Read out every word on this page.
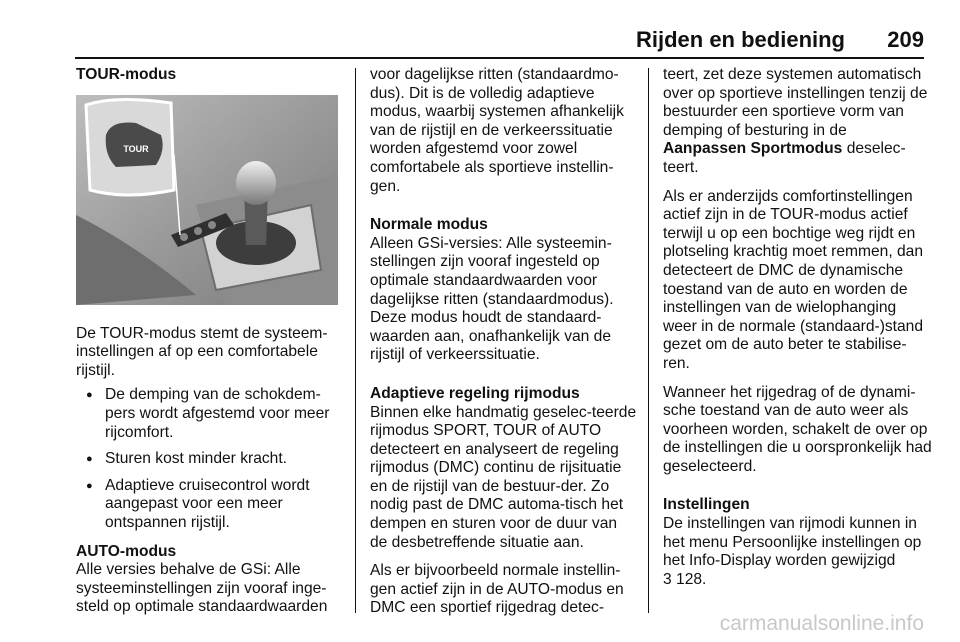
Rijden en bediening 209

TOUR-modus

TOUR

De TOUR-modus stemt de systeem-instellingen af op een comfortabele rijstijl.

● De demping van de schokdem-pers wordt afgestemd voor meer rijcomfort.
● Sturen kost minder kracht.
● Adaptieve cruisecontrol wordt aangepast voor een meer ontspannen rijstijl.

AUTO-modus

Alle versies behalve de GSi: Alle systeeminstellingen zijn vooraf inge-steld op optimale standaardwaarden

voor dagelijkse ritten (standaardmo-dus). Dit is de volledig adaptieve modus, waarbij systemen afhankelijk van de rijstijl en de verkeerssituatie worden afgestemd voor zowel comfortabele als sportieve instellin-gen.

Normale modus

Alleen GSi-versies: Alle systeemin-stellingen zijn vooraf ingesteld op optimale standaardwaarden voor dagelijkse ritten (standaardmodus). Deze modus houdt de standaard-waarden aan, onafhankelijk van de rijstijl of verkeerssituatie.

Adaptieve regeling rijmodus

Binnen elke handmatig geselec-teerde rijmodus SPORT, TOUR of AUTO detecteert en analyseert de regeling rijmodus (DMC) continu de rijsituatie en de rijstijl van de bestuur-der. Zo nodig past de DMC automa-tisch het dempen en sturen voor de duur van de desbetreffende situatie aan.

Als er bijvoorbeeld normale instellin-gen actief zijn in de AUTO-modus en DMC een sportief rijgedrag detec-

teert, zet deze systemen automatisch over op sportieve instellingen tenzij de bestuurder een sportieve vorm van demping of besturing in de
Aanpassen Sportmodus deselec-teert.

Als er anderzijds comfortinstellingen actief zijn in de TOUR-modus actief terwijl u op een bochtige weg rijdt en plotseling krachtig moet remmen, dan detecteert de DMC de dynamische toestand van de auto en worden de instellingen van de wielophanging weer in de normale (standaard-)stand gezet om de auto beter te stabilise-ren.

Wanneer het rijgedrag of de dynami-sche toestand van de auto weer als voorheen worden, schakelt de over op de instellingen die u oorspronkelijk had geselecteerd.

Instellingen

De instellingen van rijmodi kunnen in het menu Persoonlijke instellingen op het Info-Display worden gewijzigd
3 128.

carmanualsonline.info
